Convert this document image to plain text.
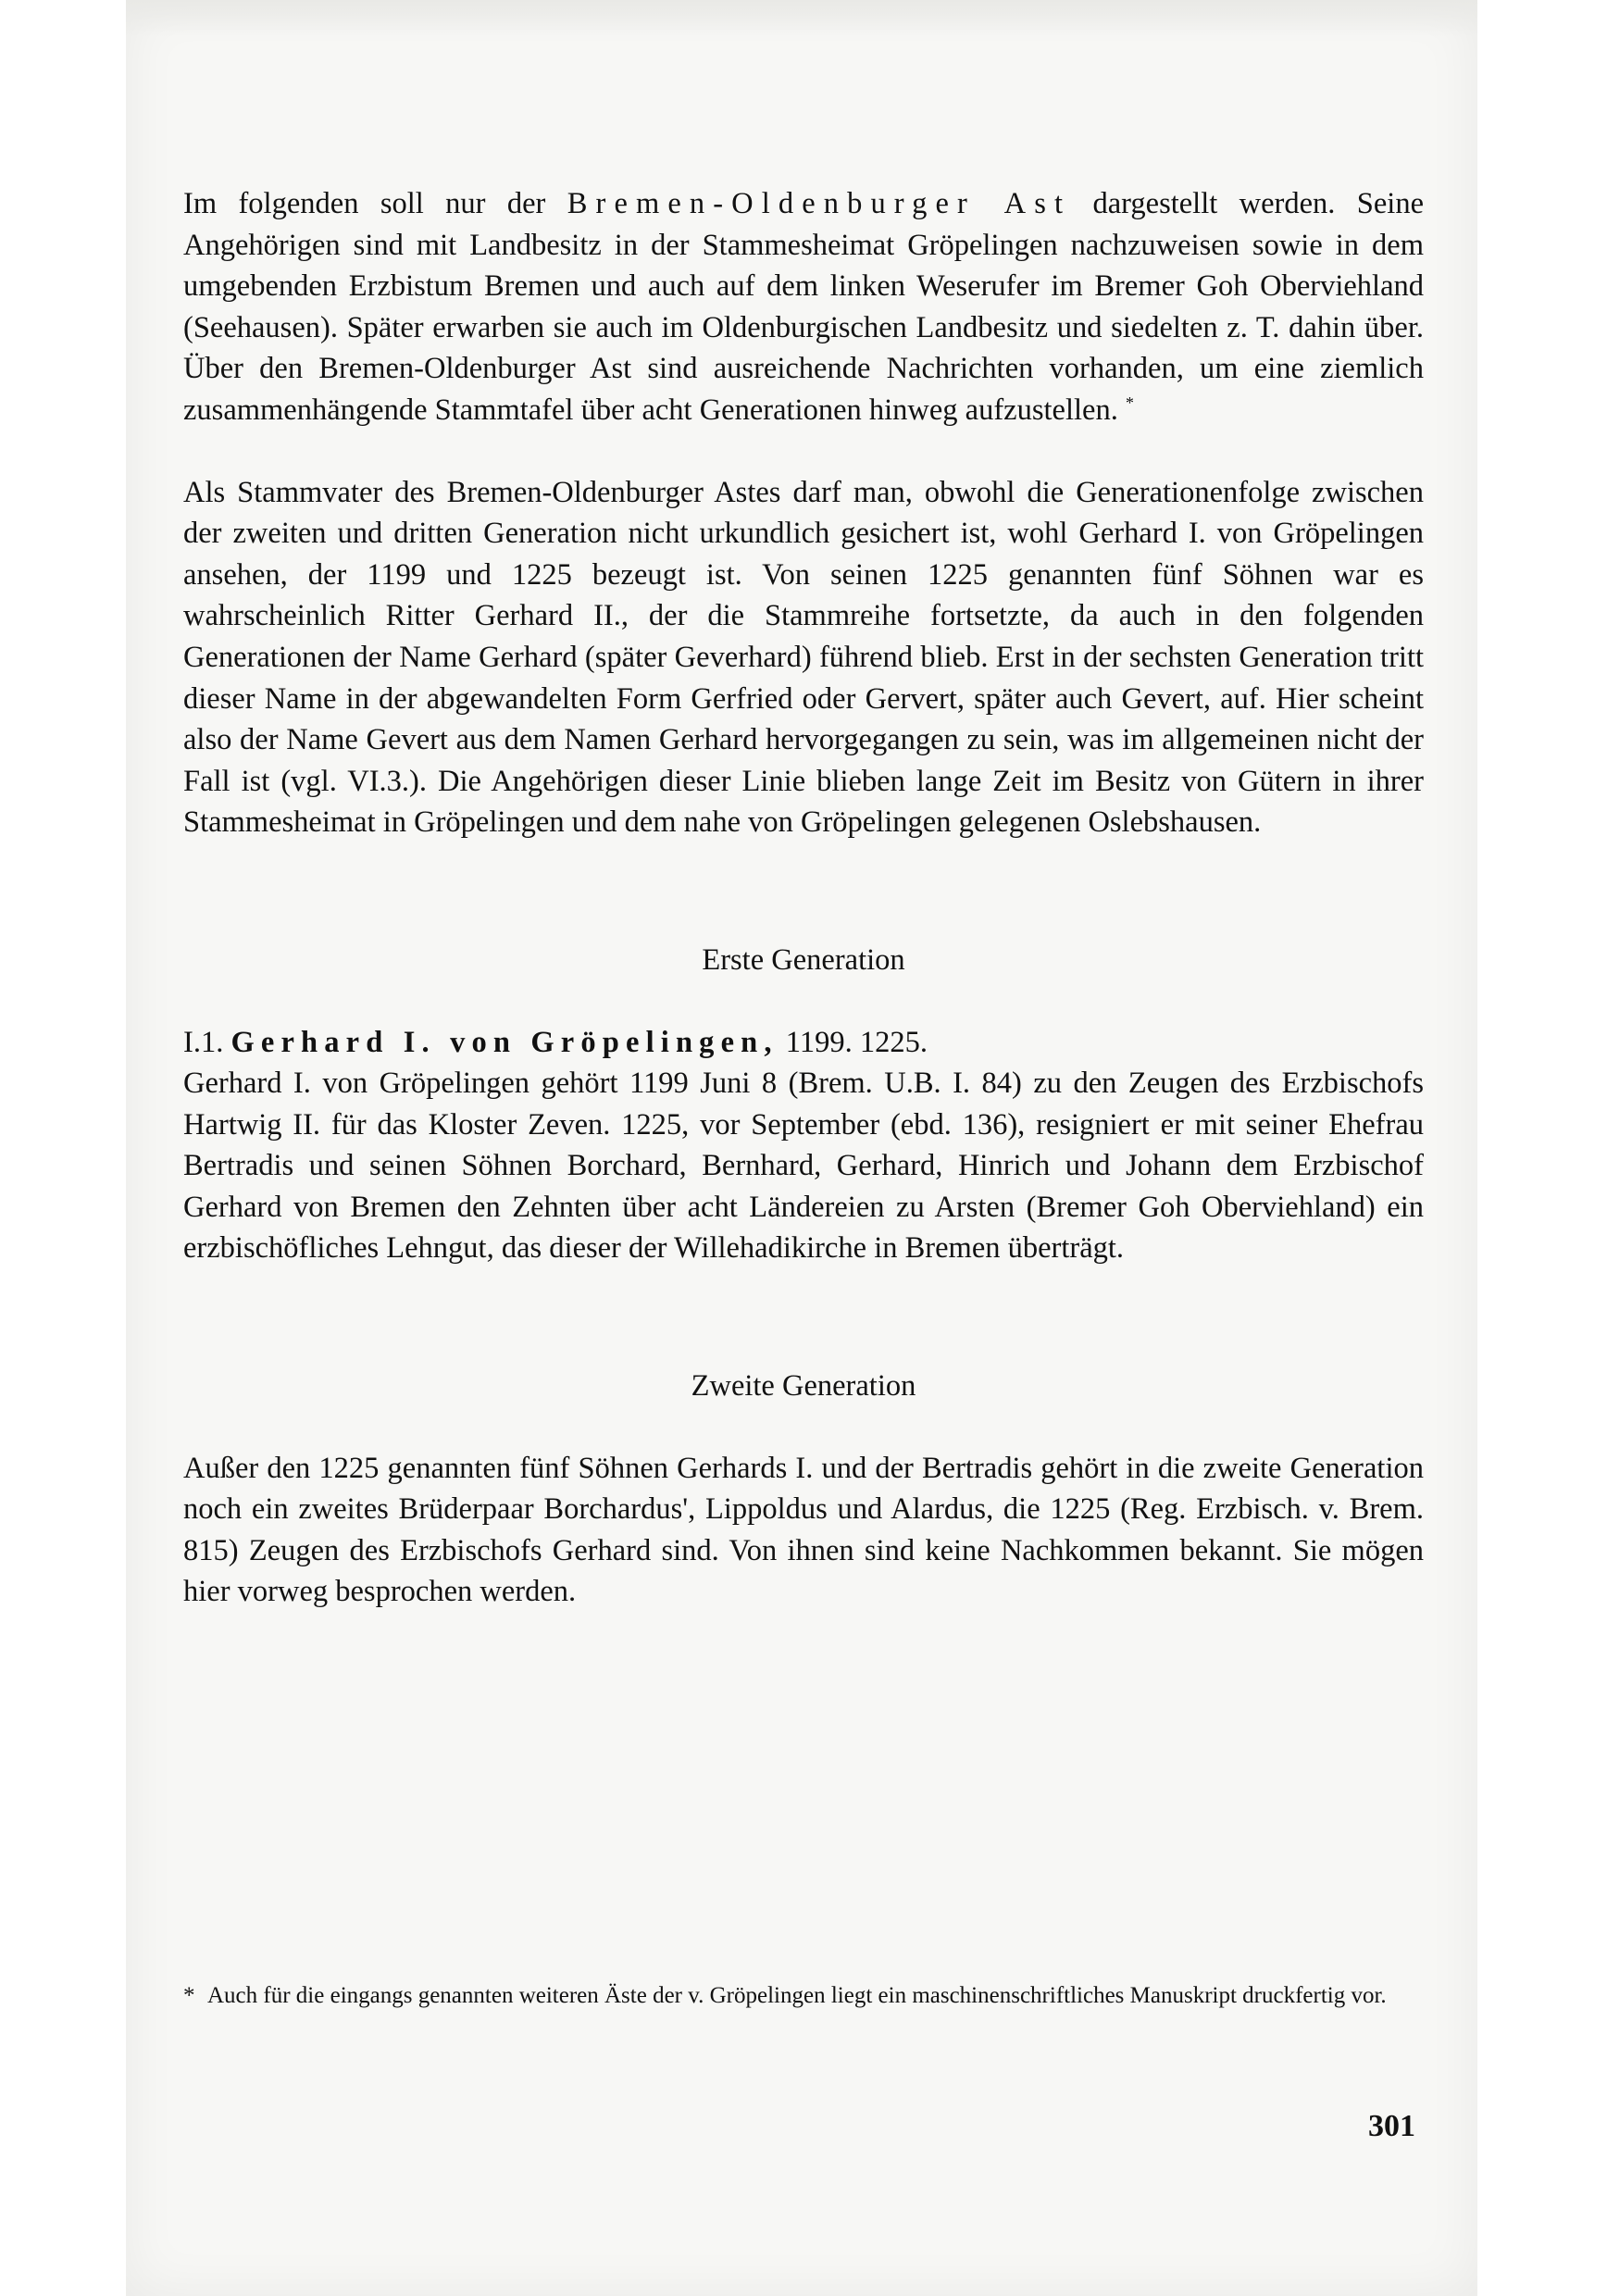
Im folgenden soll nur der Bremen-Oldenburger Ast dargestellt werden. Seine Angehörigen sind mit Landbesitz in der Stammesheimat Gröpelingen nachzuweisen sowie in dem umgebenden Erzbistum Bremen und auch auf dem linken Weserufer im Bremer Goh Oberviehland (Seehausen). Später erwarben sie auch im Oldenburgischen Landbesitz und siedelten z. T. dahin über. Über den Bremen-Oldenburger Ast sind ausreichende Nachrichten vorhanden, um eine ziemlich zusammenhängende Stammtafel über acht Generationen hinweg aufzustellen. *

Als Stammvater des Bremen-Oldenburger Astes darf man, obwohl die Generationenfolge zwischen der zweiten und dritten Generation nicht urkundlich gesichert ist, wohl Gerhard I. von Gröpelingen ansehen, der 1199 und 1225 bezeugt ist. Von seinen 1225 genannten fünf Söhnen war es wahrscheinlich Ritter Gerhard II., der die Stammreihe fortsetzte, da auch in den folgenden Generationen der Name Gerhard (später Geverhard) führend blieb. Erst in der sechsten Generation tritt dieser Name in der abgewandelten Form Gerfried oder Gervert, später auch Gevert, auf. Hier scheint also der Name Gevert aus dem Namen Gerhard hervorgegangen zu sein, was im allgemeinen nicht der Fall ist (vgl. VI.3.). Die Angehörigen dieser Linie blieben lange Zeit im Besitz von Gütern in ihrer Stammesheimat in Gröpelingen und dem nahe von Gröpelingen gelegenen Oslebshausen.

Erste Generation

I.1. Gerhard I. von Gröpelingen, 1199. 1225.

Gerhard I. von Gröpelingen gehört 1199 Juni 8 (Brem. U.B. I. 84) zu den Zeugen des Erzbischofs Hartwig II. für das Kloster Zeven. 1225, vor September (ebd. 136), resigniert er mit seiner Ehefrau Bertradis und seinen Söhnen Borchard, Bernhard, Gerhard, Hinrich und Johann dem Erzbischof Gerhard von Bremen den Zehnten über acht Ländereien zu Arsten (Bremer Goh Oberviehland) ein erzbischöfliches Lehngut, das dieser der Willehadikirche in Bremen überträgt.

Zweite Generation

Außer den 1225 genannten fünf Söhnen Gerhards I. und der Bertradis gehört in die zweite Generation noch ein zweites Brüderpaar Borchardus', Lippoldus und Alardus, die 1225 (Reg. Erzbisch. v. Brem. 815) Zeugen des Erzbischofs Gerhard sind. Von ihnen sind keine Nachkommen bekannt. Sie mögen hier vorweg besprochen werden.

* Auch für die eingangs genannten weiteren Äste der v. Gröpelingen liegt ein maschinenschriftliches Manuskript druckfertig vor.
301
